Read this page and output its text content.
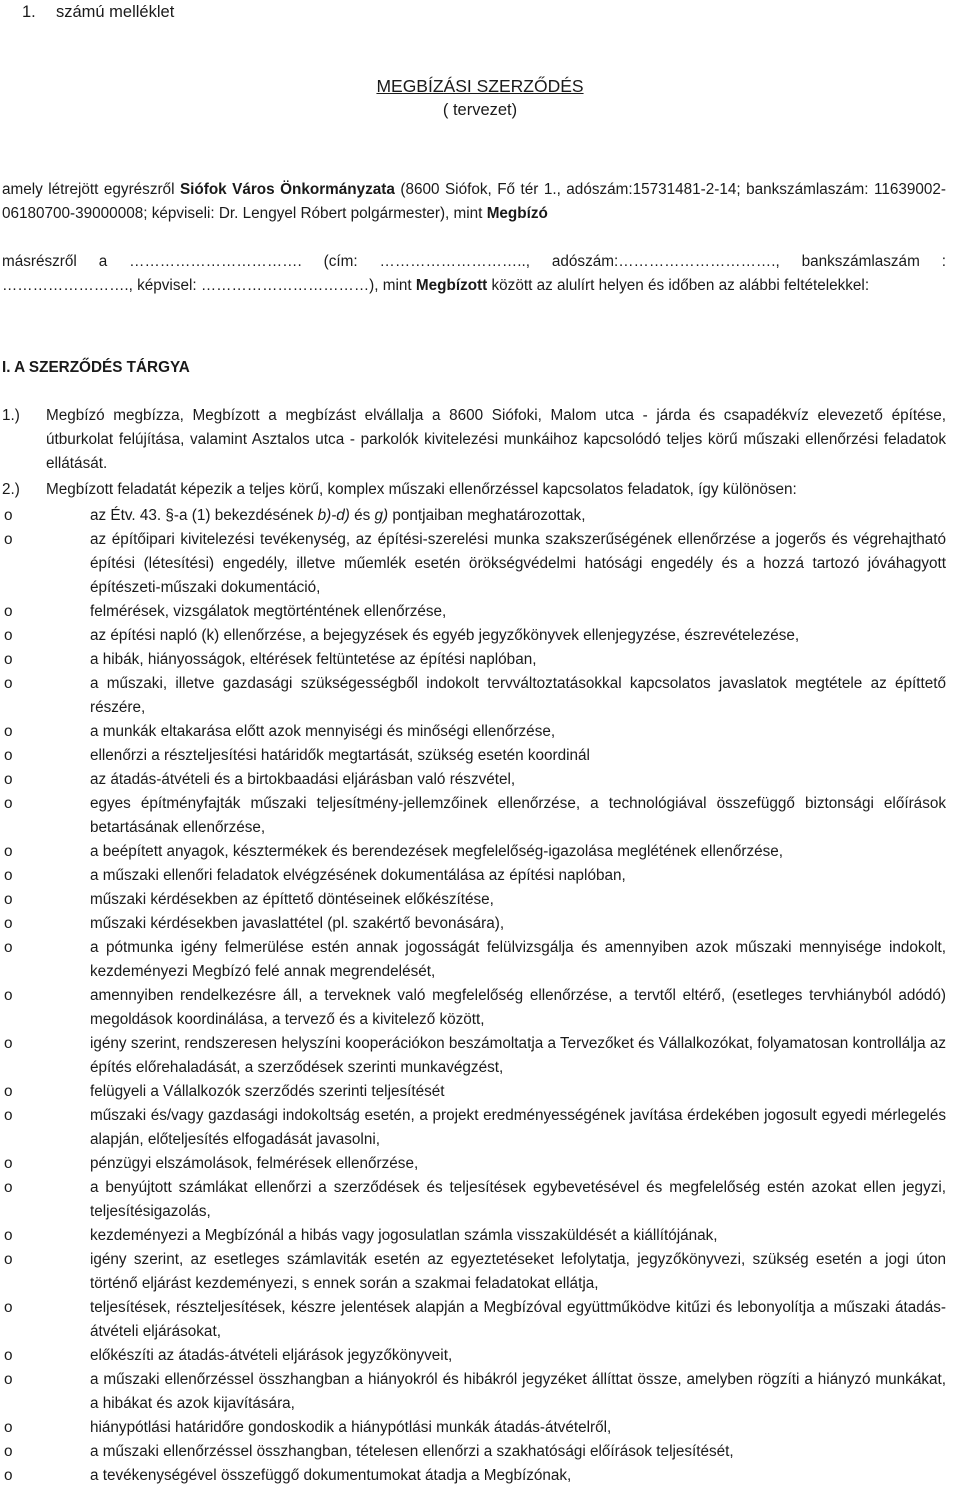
1. számú melléklet
MEGBÍZÁSI SZERZŐDÉS
( tervezet)
amely létrejött egyrészről Siófok Város Önkormányzata (8600 Siófok, Fő tér 1., adószám:15731481-2-14; bankszámlaszám: 11639002-06180700-39000008; képviseli: Dr. Lengyel Róbert polgármester), mint Megbízó
másrészről a ……………………………. (cím: ……………………….., adószám:…………………………., bankszámlaszám : ……………………., képvisel: ……………………………), mint Megbízott között az alulírt helyen és időben az alábbi feltételekkel:
I. A SZERZŐDÉS TÁRGYA
1.) Megbízó megbízza, Megbízott a megbízást elvállalja a 8600 Siófoki, Malom utca - járda és csapadékvíz elevezető építése, útburkolat felújítása, valamint Asztalos utca - parkolók kivitelezési munkáihoz kapcsolódó teljes körű műszaki ellenőrzési feladatok ellátását.
2.) Megbízott feladatát képezik a teljes körű, komplex műszaki ellenőrzéssel kapcsolatos feladatok, így különösen:
o	az Étv. 43. §-a (1) bekezdésének b)-d) és g) pontjaiban meghatározottak,
o	az építőipari kivitelezési tevékenység, az építési-szerelési munka szakszerűségének ellenőrzése a jogerős és végrehajtható építési (létesítési) engedély, illetve műemlék esetén örökségvédelmi hatósági engedély és a hozzá tartozó jóváhagyott építészeti-műszaki dokumentáció,
o	felmérések, vizsgálatok megtörténtének ellenőrzése,
o	az építési napló (k) ellenőrzése, a bejegyzések és egyéb jegyzőkönyvek ellenjegyzése, észrevételezése,
o	a hibák, hiányosságok, eltérések feltüntetése az építési naplóban,
o	a műszaki, illetve gazdasági szükségességből indokolt tervváltoztatásokkal kapcsolatos javaslatok megtétele az építtető részére,
o	a munkák eltakarása előtt azok mennyiségi és minőségi ellenőrzése,
o	ellenőrzi a részteljesítési határidők megtartását, szükség esetén koordinál
o	az átadás-átvételi és a birtokbaadási eljárásban való részvétel,
o	egyes építményfajták műszaki teljesítmény-jellemzőinek ellenőrzése, a technológiával összefüggő biztonsági előírások betartásának ellenőrzése,
o	a beépített anyagok, késztermékek és berendezések megfelelőség-igazolása meglétének ellenőrzése,
o	a műszaki ellenőri feladatok elvégzésének dokumentálása az építési naplóban,
o	műszaki kérdésekben az építtető döntéseinek előkészítése,
o	műszaki kérdésekben javaslattétel (pl. szakértő bevonására),
o	a pótmunka igény felmerülése estén annak jogosságát felülvizsgálja és amennyiben azok műszaki mennyisége indokolt, kezdeményezi Megbízó felé annak megrendelését,
o	amennyiben rendelkezésre áll, a terveknek való megfelelőség ellenőrzése, a tervtől eltérő, (esetleges tervhiányból adódó) megoldások koordinálása, a tervező és a kivitelező között,
o	igény szerint, rendszeresen helyszíni kooperációkon beszámoltatja a Tervezőket és Vállalkozókat, folyamatosan kontrollálja az építés előrehaladását, a szerződések szerinti munkavégzést,
o	felügyeli a Vállalkozók szerződés szerinti teljesítését
o	műszaki és/vagy gazdasági indokoltság esetén, a projekt eredményességének javítása érdekében jogosult egyedi mérlegelés alapján, előteljesítés elfogadását javasolni,
o	pénzügyi elszámolások, felmérések ellenőrzése,
o	a benyújtott számlákat ellenőrzi a szerződések és teljesítések egybevetésével és megfelelőség estén azokat ellen jegyzi, teljesítésigazolás,
o	kezdeményezi a Megbízónál a hibás vagy jogosulatlan számla visszaküldését a kiállítójának,
o	igény szerint, az esetleges számlaviták esetén az egyeztetéseket lefolytatja, jegyzőkönyvezi, szükség esetén a jogi úton történő eljárást kezdeményezi, s ennek során a szakmai feladatokat ellátja,
o	teljesítések, részteljesítések, készre jelentések alapján a Megbízóval együttműködve kitűzi és lebonyolítja a műszaki átadás-átvételi eljárásokat,
o	előkészíti az átadás-átvételi eljárások jegyzőkönyveit,
o	a műszaki ellenőrzéssel összhangban a hiányokról és hibákról jegyzéket állíttat össze, amelyben rögzíti a hiányzó munkákat, a hibákat és azok kijavítására,
o	hiánypótlási határidőre gondoskodik a hiánypótlási munkák átadás-átvételről,
o	a műszaki ellenőrzéssel összhangban, tételesen ellenőrzi a szakhatósági előírások teljesítését,
o	a tevékenységével összefüggő dokumentumokat átadja a Megbízónak,
